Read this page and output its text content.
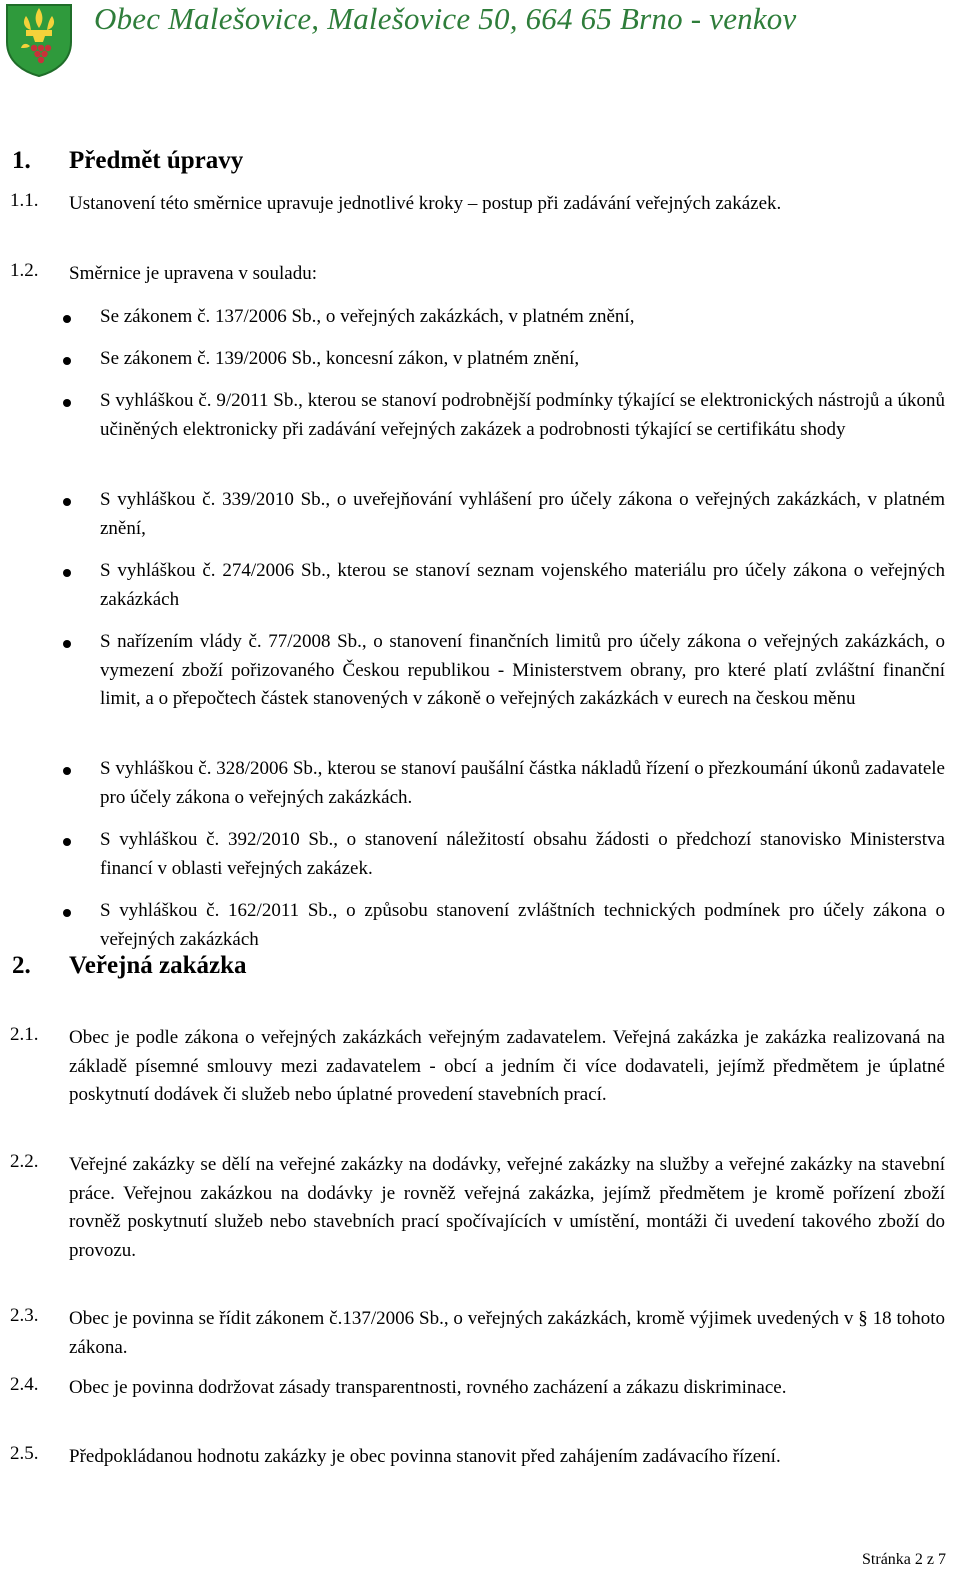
Obec Malešovice, Malešovice 50, 664 65 Brno - venkov
1. Předmět úpravy
1.1. Ustanovení této směrnice upravuje jednotlivé kroky – postup při zadávání veřejných zakázek.
1.2. Směrnice je upravena v souladu:
Se zákonem č. 137/2006 Sb., o veřejných zakázkách, v platném znění,
Se zákonem č. 139/2006 Sb., koncesní zákon, v platném znění,
S vyhláškou č. 9/2011 Sb., kterou se stanoví podrobnější podmínky týkající se elektronických nástrojů a úkonů učiněných elektronicky při zadávání veřejných zakázek a podrobnosti týkající se certifikátu shody
S vyhláškou č. 339/2010 Sb., o uveřejňování vyhlášení pro účely zákona o veřejných zakázkách, v platném znění,
S vyhláškou č. 274/2006 Sb., kterou se stanoví seznam vojenského materiálu pro účely zákona o veřejných zakázkách
S nařízením vlády č. 77/2008 Sb., o stanovení finančních limitů pro účely zákona o veřejných zakázkách, o vymezení zboží pořizovaného Českou republikou - Ministerstvem obrany, pro které platí zvláštní finanční limit, a o přepočtech částek stanovených v zákoně o veřejných zakázkách v eurech na českou měnu
S vyhláškou č. 328/2006 Sb., kterou se stanoví paušální částka nákladů řízení o přezkoumání úkonů zadavatele pro účely zákona o veřejných zakázkách.
S vyhláškou č. 392/2010 Sb., o stanovení náležitostí obsahu žádosti o předchozí stanovisko Ministerstva financí v oblasti veřejných zakázek.
S vyhláškou č. 162/2011 Sb., o způsobu stanovení zvláštních technických podmínek pro účely zákona o veřejných zakázkách
2. Veřejná zakázka
2.1. Obec je podle zákona o veřejných zakázkách veřejným zadavatelem. Veřejná zakázka je zakázka realizovaná na základě písemné smlouvy mezi zadavatelem - obcí a jedním či více dodavateli, jejímž předmětem je úplatné poskytnutí dodávek či služeb nebo úplatné provedení stavebních prací.
2.2. Veřejné zakázky se dělí na veřejné zakázky na dodávky, veřejné zakázky na služby a veřejné zakázky na stavební práce. Veřejnou zakázkou na dodávky je rovněž veřejná zakázka, jejímž předmětem je kromě pořízení zboží rovněž poskytnutí služeb nebo stavebních prací spočívajících v umístění, montáži či uvedení takového zboží do provozu.
2.3. Obec je povinna se řídit zákonem č.137/2006 Sb., o veřejných zakázkách, kromě výjimek uvedených v § 18 tohoto zákona.
2.4. Obec je povinna dodržovat zásady transparentnosti, rovného zacházení a zákazu diskriminace.
2.5. Předpokládanou hodnotu zakázky je obec povinna stanovit před zahájením zadávacího řízení.
Stránka 2 z 7
